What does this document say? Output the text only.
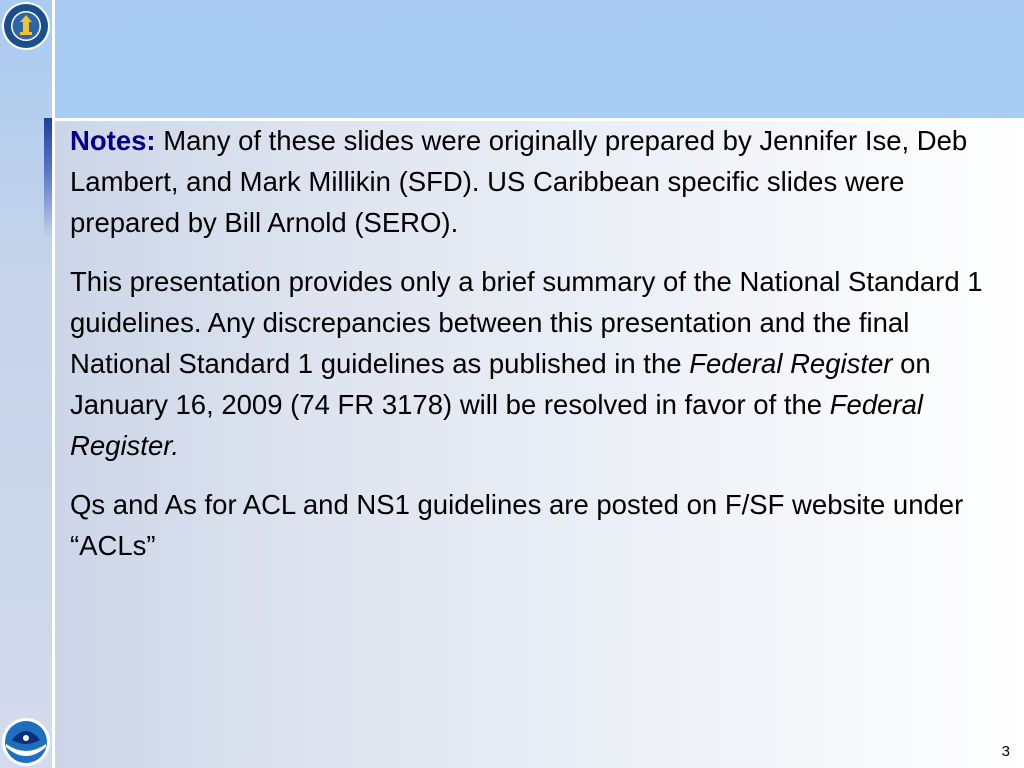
Notes: Many of these slides were originally prepared by Jennifer Ise, Deb Lambert, and Mark Millikin (SFD). US Caribbean specific slides were prepared by Bill Arnold (SERO).

This presentation provides only a brief summary of the National Standard 1 guidelines. Any discrepancies between this presentation and the final National Standard 1 guidelines as published in the Federal Register on January 16, 2009 (74 FR 3178) will be resolved in favor of the Federal Register.

Qs and As for ACL and NS1 guidelines are posted on F/SF website under “ACLs”

3
